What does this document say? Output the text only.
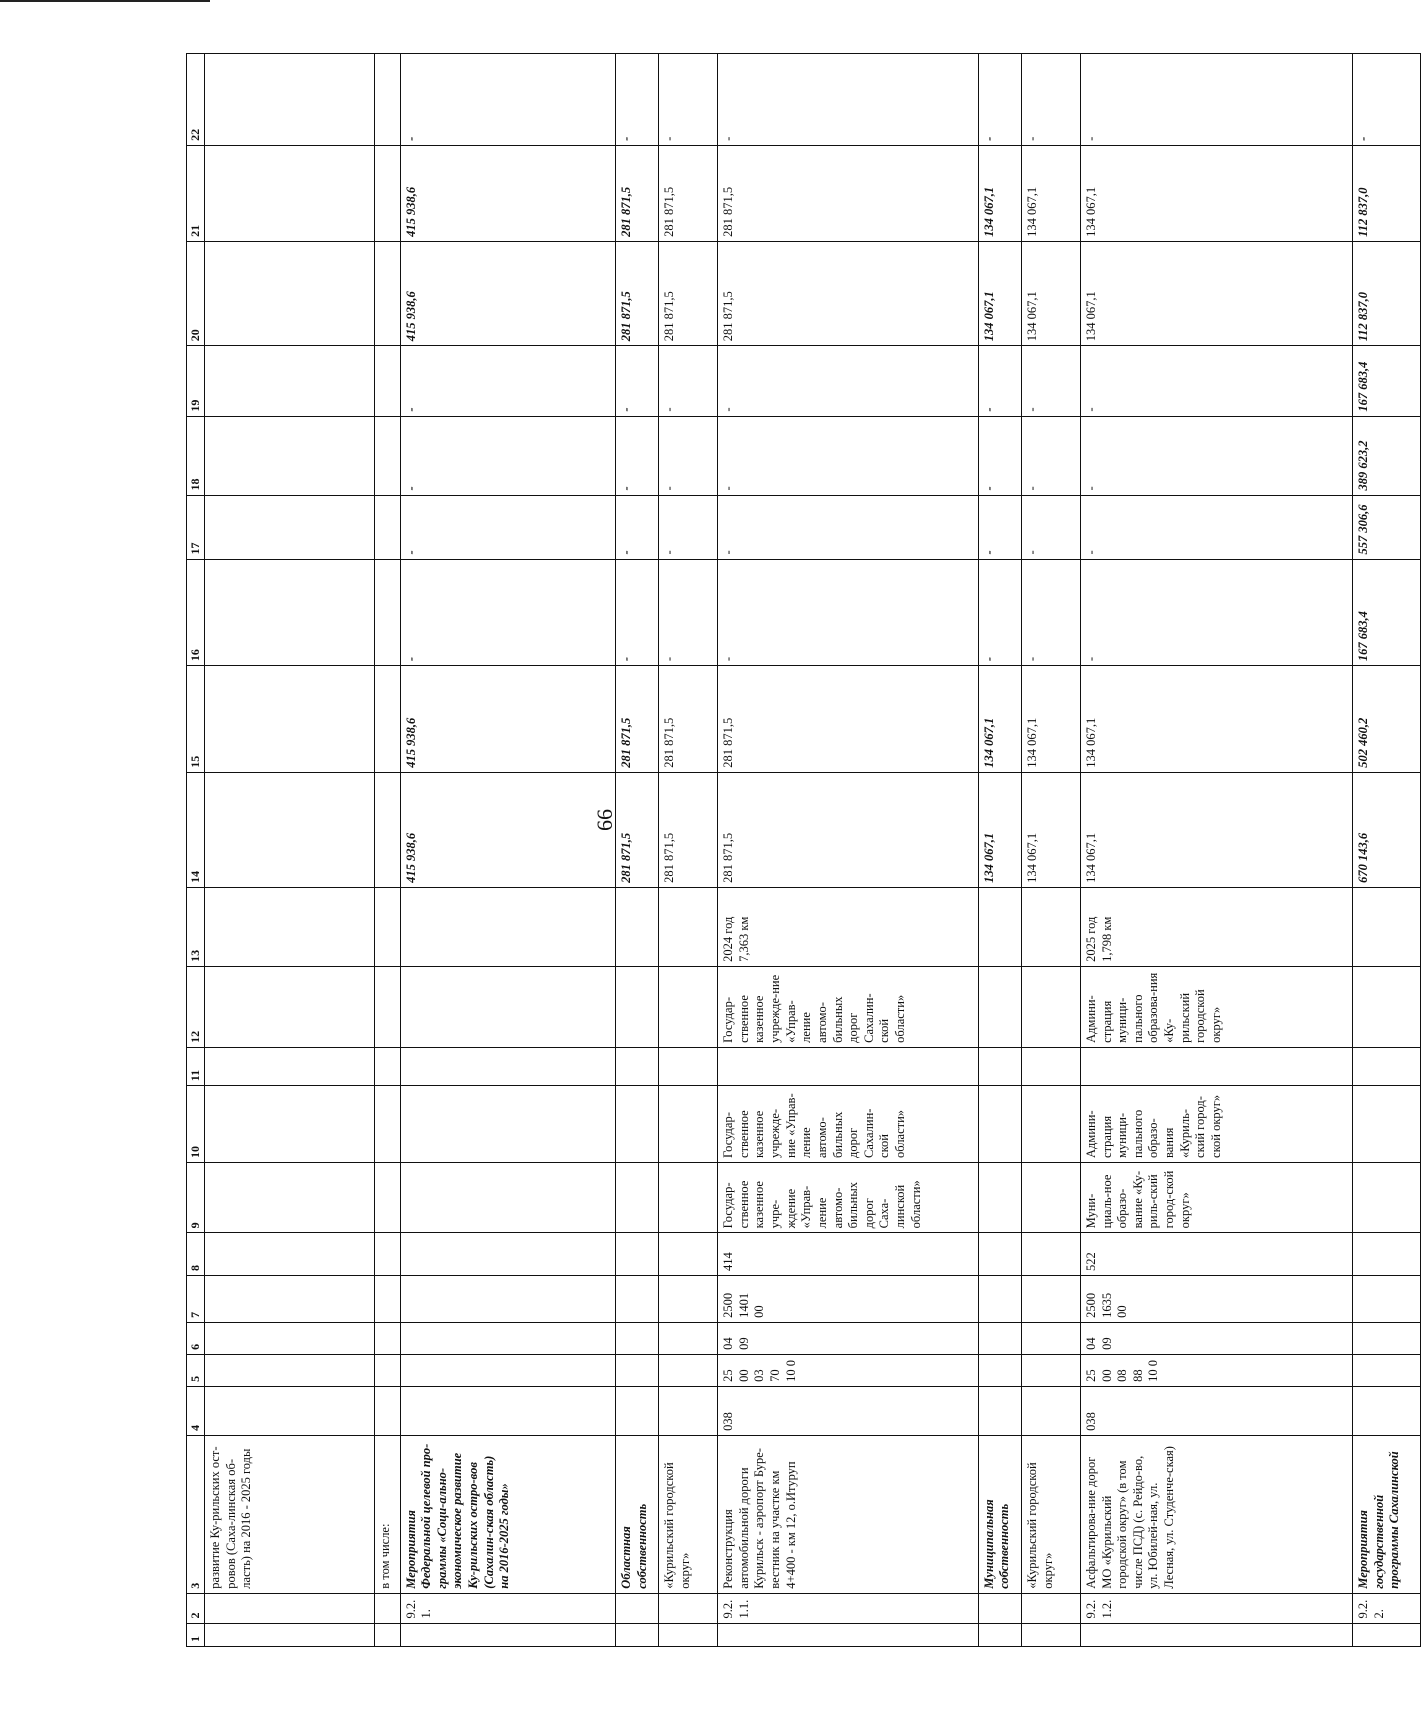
66
1	2	3	4	5	6	7	8	9	10	11	12	13	14	15	16	17	18	19	20	21	22
		развитие Ку-рильских ост-ровов (Саха-линская об-ласть) на 2016 - 2025 годы																			
		в том числе:																			
	9.2. 1.	Мероприятия Федеральной целевой про-граммы «Соци-ально-экономическое развитие Ку-рильских остро-вов (Сахалин-ская область) на 2016-2025 годы»											415 938,6	415 938,6	-	-	-	-	415 938,6	415 938,6	-
		Областная собственность											281 871,5	281 871,5	-	-	-	-	281 871,5	281 871,5	-
		«Курильский городской округ»											281 871,5	281 871,5	-	-	-	-	281 871,5	281 871,5	-
	9.2. 1.1.	Реконструкция автомобильной дороги Курильск - аэропорт Буре-вестник на участке км 4+400 - км 12, о.Итуруп	038	25 00 03 70 10 0	04 09	2500 1401 00	414	Государ-ственное казенное учре-ждение «Управ-ление автомо-бильных дорог Саха-линской области»	Государ-ственное казенное учрежде-ние «Управ-ление автомо-бильных дорог Сахалин-ской области»		Государ-ственное казенное учрежде-ние «Управ-ление автомо-бильных дорог Сахалин-ской области»	2024 год 7,363 км	281 871,5	281 871,5	-	-	-	-	281 871,5	281 871,5	-
		Муниципальная собственность											134 067,1	134 067,1	-	-	-	-	134 067,1	134 067,1	-
		«Курильский городской округ»											134 067,1	134 067,1	-	-	-	-	134 067,1	134 067,1	-
	9.2. 1.2.	Асфальтирова-ние дорог МО «Курильский городской округ» (в том числе ПСД) (с. Рейдо-во, ул. Юбилей-ная, ул. Лесная, ул. Студенче-ская)	038	25 00 08 88 10 0	04 09	2500 1635 00	522	Муни-циаль-ное образо-вание «Ку-риль-ский город-ской округ»	Админи-страция муници-пального образо-вания «Куриль-ский город-ской округ»		Админи-страция муници-пального образова-ния «Ку-рильский городской округ»	2025 год 1,798 км	134 067,1	134 067,1	-	-	-	-	134 067,1	134 067,1	-
	9.2. 2.	Мероприятия государственной программы Сахалинской											670 143,6	502 460,2	167 683,4	557 306,6	389 623,2	167 683,4	112 837,0	112 837,0	-
